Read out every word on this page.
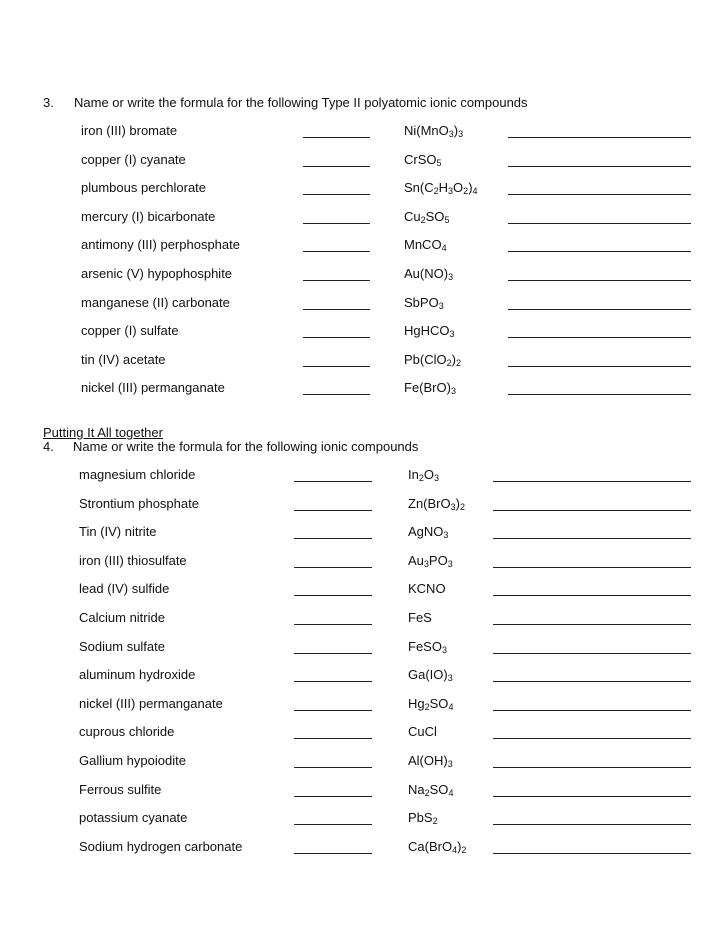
3. Name or write the formula for the following Type II polyatomic ionic compounds
iron (III) bromate	$Ni(MnO_3)_3$
copper (I) cyanate	CrSO$_5$
plumbous perchlorate	$Sn(C_2H_3O_2)_4$
mercury (I) bicarbonate	$Cu_2SO_5$
antimony (III) perphosphate	MnCO$_4$
arsenic (V) hypophosphite	$Au(NO)_3$
manganese (II) carbonate	SbPO$_3$
copper (I) sulfate	HgHCO$_3$
tin (IV) acetate	$Pb(ClO_2)_2$
nickel (III) permanganate	$Fe(BrO)_3$
Putting It All together
4. Name or write the formula for the following ionic compounds
magnesium chloride	$In_2O_3$
Strontium phosphate	$Zn(BrO_3)_2$
Tin (IV) nitrite	AgNO$_3$
iron (III) thiosulfate	$Au_3PO_3$
lead (IV) sulfide	KCNO
Calcium nitride	FeS
Sodium sulfate	FeSO$_3$
aluminum hydroxide	$Ga(IO)_3$
nickel (III) permanganate	$Hg_2SO_4$
cuprous chloride	CuCl
Gallium hypoiodite	$Al(OH)_3$
Ferrous sulfite	$Na_2SO_4$
potassium cyanate	PbS$_2$
Sodium hydrogen carbonate	$Ca(BrO_4)_2$
